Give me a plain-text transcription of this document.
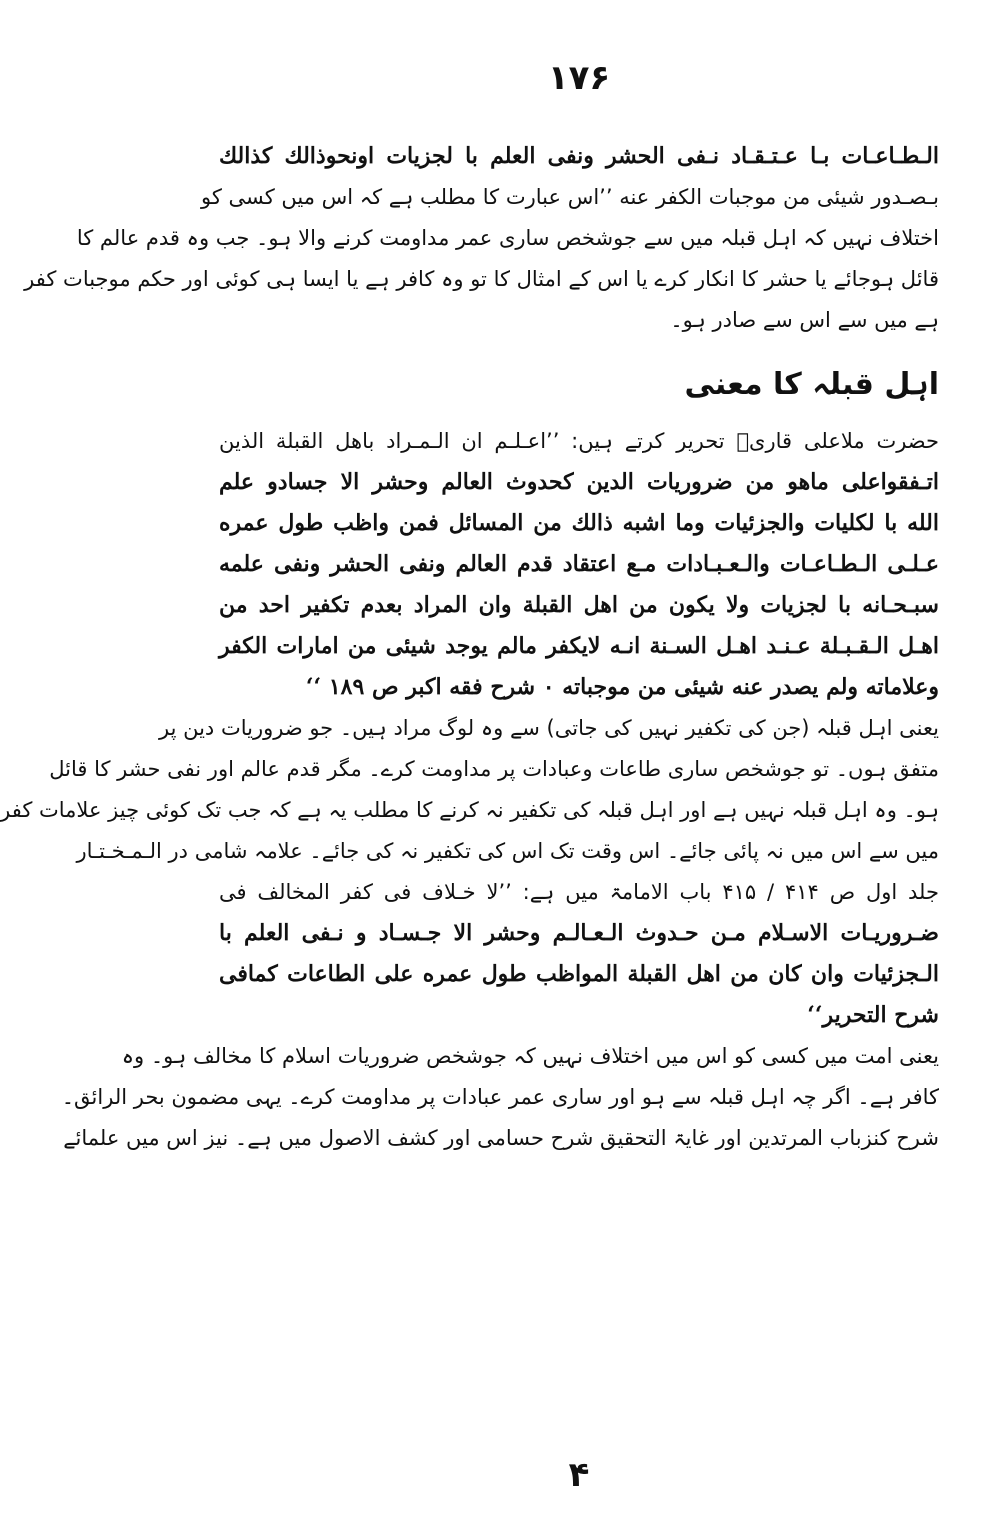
۱۷۶
الـطـاعـات بـا عـتـقـاد نـفى الحشر ونفى العلم با لجزيات اونحوذالك كذالك
بـصـدور شيئى من موجبات الكفر عنه ’’اس عبارت کا مطلب ہے کہ اس میں کسی کو
اختلاف نہیں کہ اہل قبلہ میں سے جوشخص ساری عمر مداومت کرنے والا ہو۔ جب وہ قدم عالم کا
قائل ہوجائے یا حشر کا انکار کرے یا اس کے امثال کا تو وہ کافر ہے یا ایسا ہی کوئی اور حکم موجبات کفر
ہے میں سے اس سے صادر ہو۔
اہل قبلہ کا معنی
حضرت ملاعلی قاریؒ تحریر کرتے ہیں: ’’اعـلـم ان الـمـراد باهل القبلة الذين
اتـفقواعلى ماهو من ضروريات الدين كحدوث العالم وحشر الا جسادو علم
الله با لكليات والجزئيات وما اشبه ذالك من المسائل فمن واظب طول عمره
عـلـى الـطـاعـات والـعـبـادات مـع اعتقاد قدم العالم ونفى الحشر ونفى علمه
سبـحـانه با لجزيات ولا يكون من اهل القبلة وان المراد بعدم تكفير احد من
اهـل الـقـبـلة عـنـد اهـل السـنة انـه لايكفر مالم يوجد شيئى من امارات الكفر
وعلاماته ولم يصدر عنه شيئى من موجباته ۰ شرح فقه اكبر ص ۱۸۹ ‘‘
یعنی اہل قبلہ (جن کی تکفیر نہیں کی جاتی) سے وہ لوگ مراد ہیں۔ جو ضروریات دین پر
متفق ہوں۔ تو جوشخص ساری طاعات وعبادات پر مداومت کرے۔ مگر قدم عالم اور نفی حشر کا قائل
ہو۔ وہ اہل قبلہ نہیں ہے اور اہل قبلہ کی تکفیر نہ کرنے کا مطلب یہ ہے کہ جب تک کوئی چیز علامات کفر
میں سے اس میں نہ پائی جائے۔ اس وقت تک اس کی تکفیر نہ کی جائے۔ علامہ شامی در الـمـخـتـار
جلد اول ص ۴۱۴ / ۴۱۵ باب الامامۃ میں ہے: ’’لا خـلاف فى كفر المخالف فى
ضـروريـات الاسـلام مـن حـدوث الـعـالـم وحشر الا جـسـاد و نـفى العلم با
الـجزئيات وان كان من اهل القبلة المواظب طول عمره على الطاعات كمافى
شرح التحرير‘‘
یعنی امت میں کسی کو اس میں اختلاف نہیں کہ جوشخص ضروریات اسلام کا مخالف ہو۔ وہ
کافر ہے۔ اگر چہ اہل قبلہ سے ہو اور ساری عمر عبادات پر مداومت کرے۔ یہی مضمون بحر الرائق۔
شرح کنزباب المرتدین اور غایۃ التحقیق شرح حسامی اور کشف الاصول میں ہے۔ نیز اس میں علمائے
۴
